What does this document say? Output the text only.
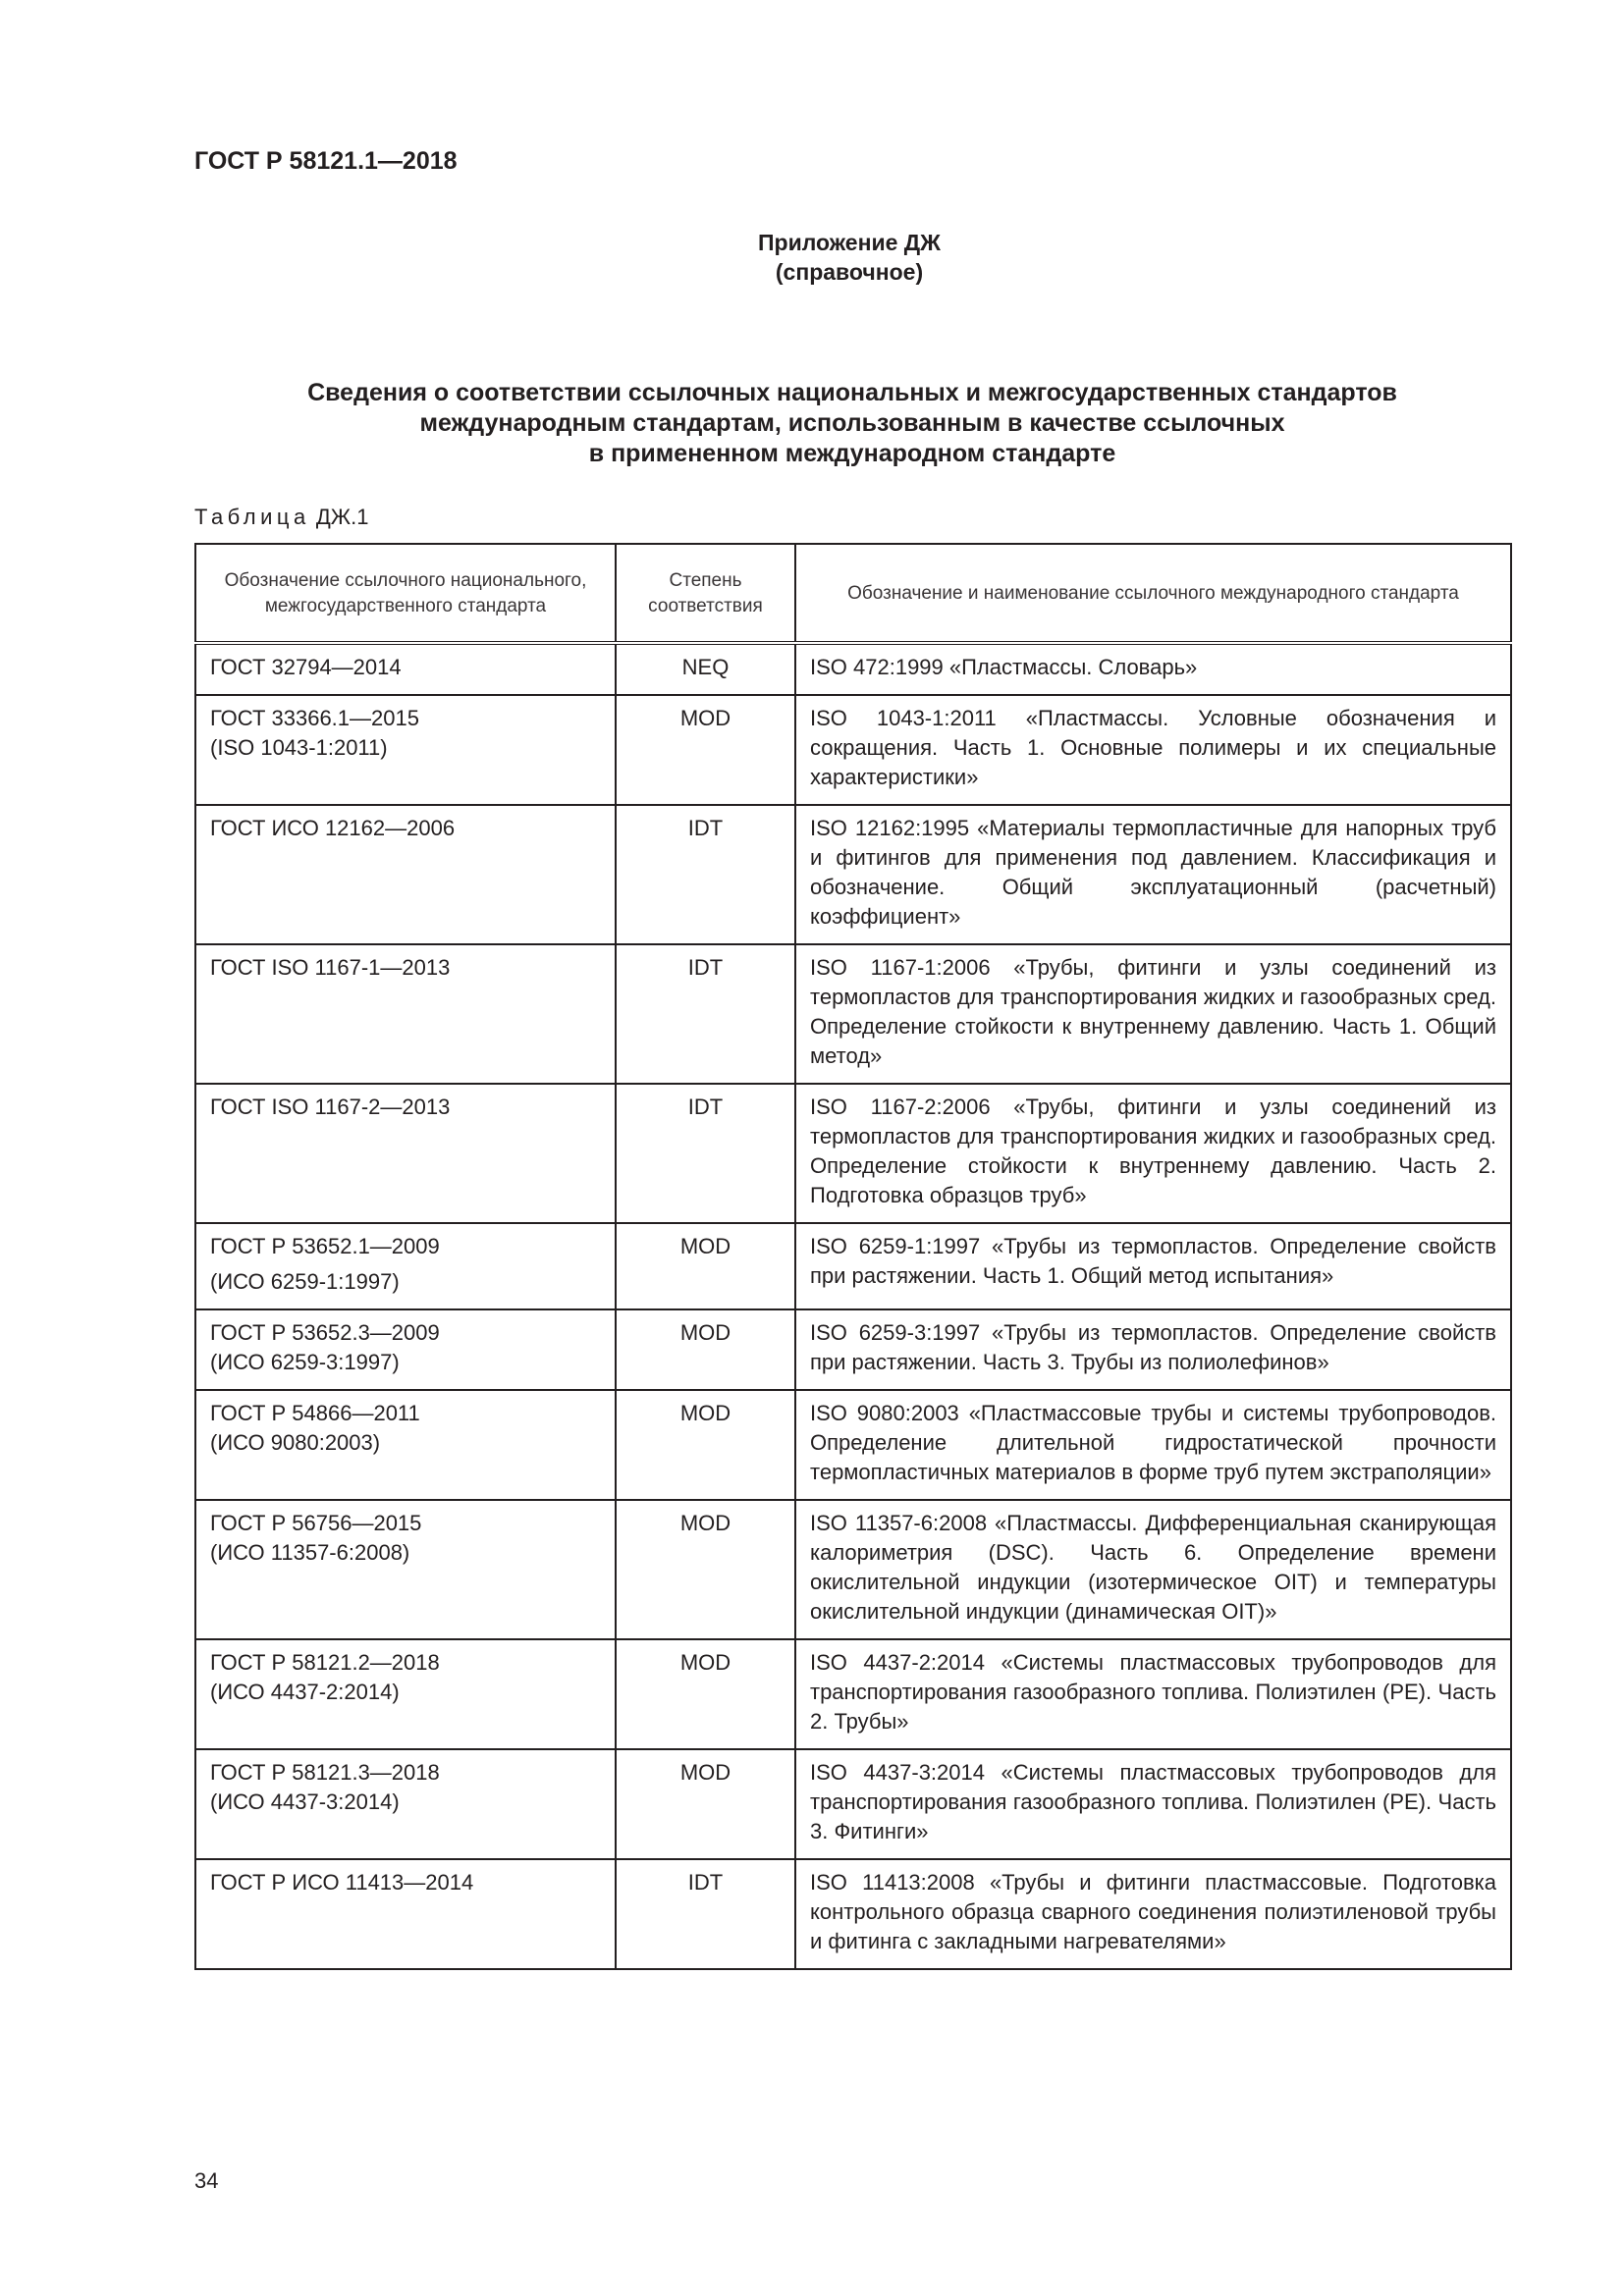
ГОСТ Р 58121.1—2018

Приложение ДЖ

(справочное)

Сведения о соответствии ссылочных национальных и межгосударственных стандартов
международным стандартам, использованным в качестве ссылочных
в примененном международном стандарте

Таблица ДЖ.1

Обозначение ссылочного национального, межгосударственного стандарта	Степень соответствия	Обозначение и наименование ссылочного международного стандарта

ГОСТ 32794—2014	NEQ	ISO 472:1999 «Пластмассы. Словарь»

ГОСТ 33366.1—2015
(ISO 1043-1:2011)	MOD	ISO 1043-1:2011 «Пластмассы. Условные обозначения и сокращения. Часть 1. Основные полимеры и их специальные характеристики»

ГОСТ ИСО 12162—2006	IDT	ISO 12162:1995 «Материалы термопластичные для напорных труб и фитингов для применения под давлением. Классификация и обозначение. Общий эксплуатационный (расчетный) коэффициент»

ГОСТ ISO 1167-1—2013	IDT	ISO 1167-1:2006 «Трубы, фитинги и узлы соединений из термопластов для транспортирования жидких и газообразных сред. Определение стойкости к внутреннему давлению. Часть 1. Общий метод»

ГОСТ ISO 1167-2—2013	IDT	ISO 1167-2:2006 «Трубы, фитинги и узлы соединений из термопластов для транспортирования жидких и газообразных сред. Определение стойкости к внутреннему давлению. Часть 2. Подготовка образцов труб»

ГОСТ Р 53652.1—2009
(ИСО 6259-1:1997)	MOD	ISO 6259-1:1997 «Трубы из термопластов. Определение свойств при растяжении. Часть 1. Общий метод испытания»

ГОСТ Р 53652.3—2009
(ИСО 6259-3:1997)	MOD	ISO 6259-3:1997 «Трубы из термопластов. Определение свойств при растяжении. Часть 3. Трубы из полиолефинов»

ГОСТ Р 54866—2011
(ИСО 9080:2003)	MOD	ISO 9080:2003 «Пластмассовые трубы и системы трубопроводов. Определение длительной гидростатической прочности термопластичных материалов в форме труб путем экстраполяции»

ГОСТ Р 56756—2015
(ИСО 11357-6:2008)	MOD	ISO 11357-6:2008 «Пластмассы. Дифференциальная сканирующая калориметрия (DSC). Часть 6. Определение времени окислительной индукции (изотермическое OIT) и температуры окислительной индукции (динамическая OIT)»

ГОСТ Р 58121.2—2018
(ИСО 4437-2:2014)	MOD	ISO 4437-2:2014 «Системы пластмассовых трубопроводов для транспортирования газообразного топлива. Полиэтилен (PE). Часть 2. Трубы»

ГОСТ Р 58121.3—2018
(ИСО 4437-3:2014)	MOD	ISO 4437-3:2014 «Системы пластмассовых трубопроводов для транспортирования газообразного топлива. Полиэтилен (PE). Часть 3. Фитинги»

ГОСТ Р ИСО 11413—2014	IDT	ISO 11413:2008 «Трубы и фитинги пластмассовые. Подготовка контрольного образца сварного соединения полиэтиленовой трубы и фитинга с закладными нагревателями»

34
